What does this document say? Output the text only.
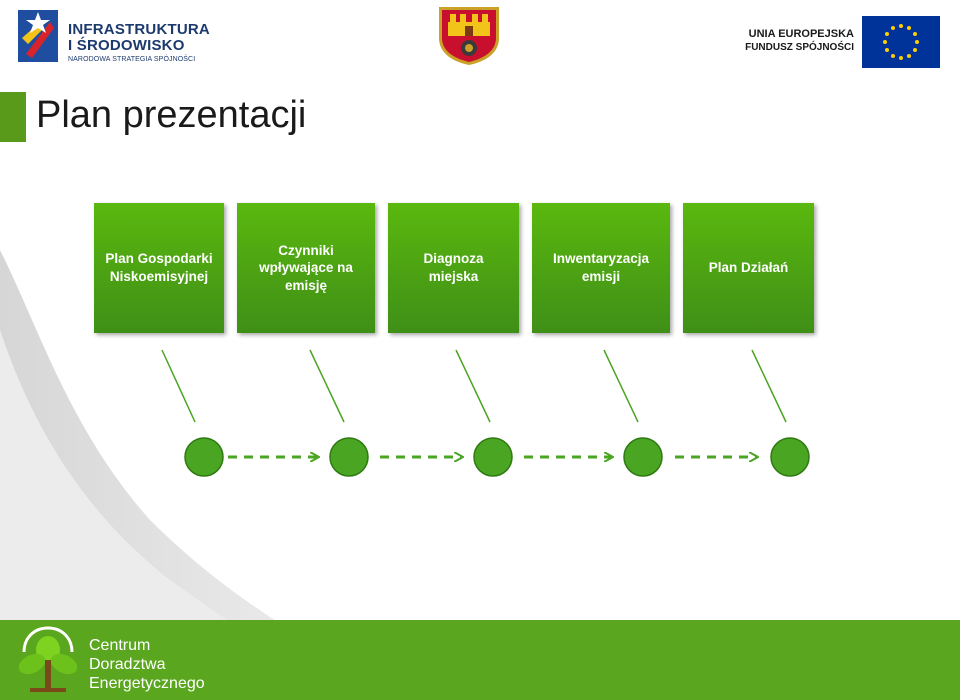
INFRASTRUKTURA
I ŚRODOWISKO
NARODOWA STRATEGIA SPÓJNOŚCI
UNIA EUROPEJSKA
FUNDUSZ SPÓJNOŚCI
Plan prezentacji
Plan Gospodarki
Niskoemisyjnej
Czynniki
wpływające na
emisję
Diagnoza
miejska
Inwentaryzacja
emisji
Plan Działań
Centrum
Doradztwa
Energetycznego
